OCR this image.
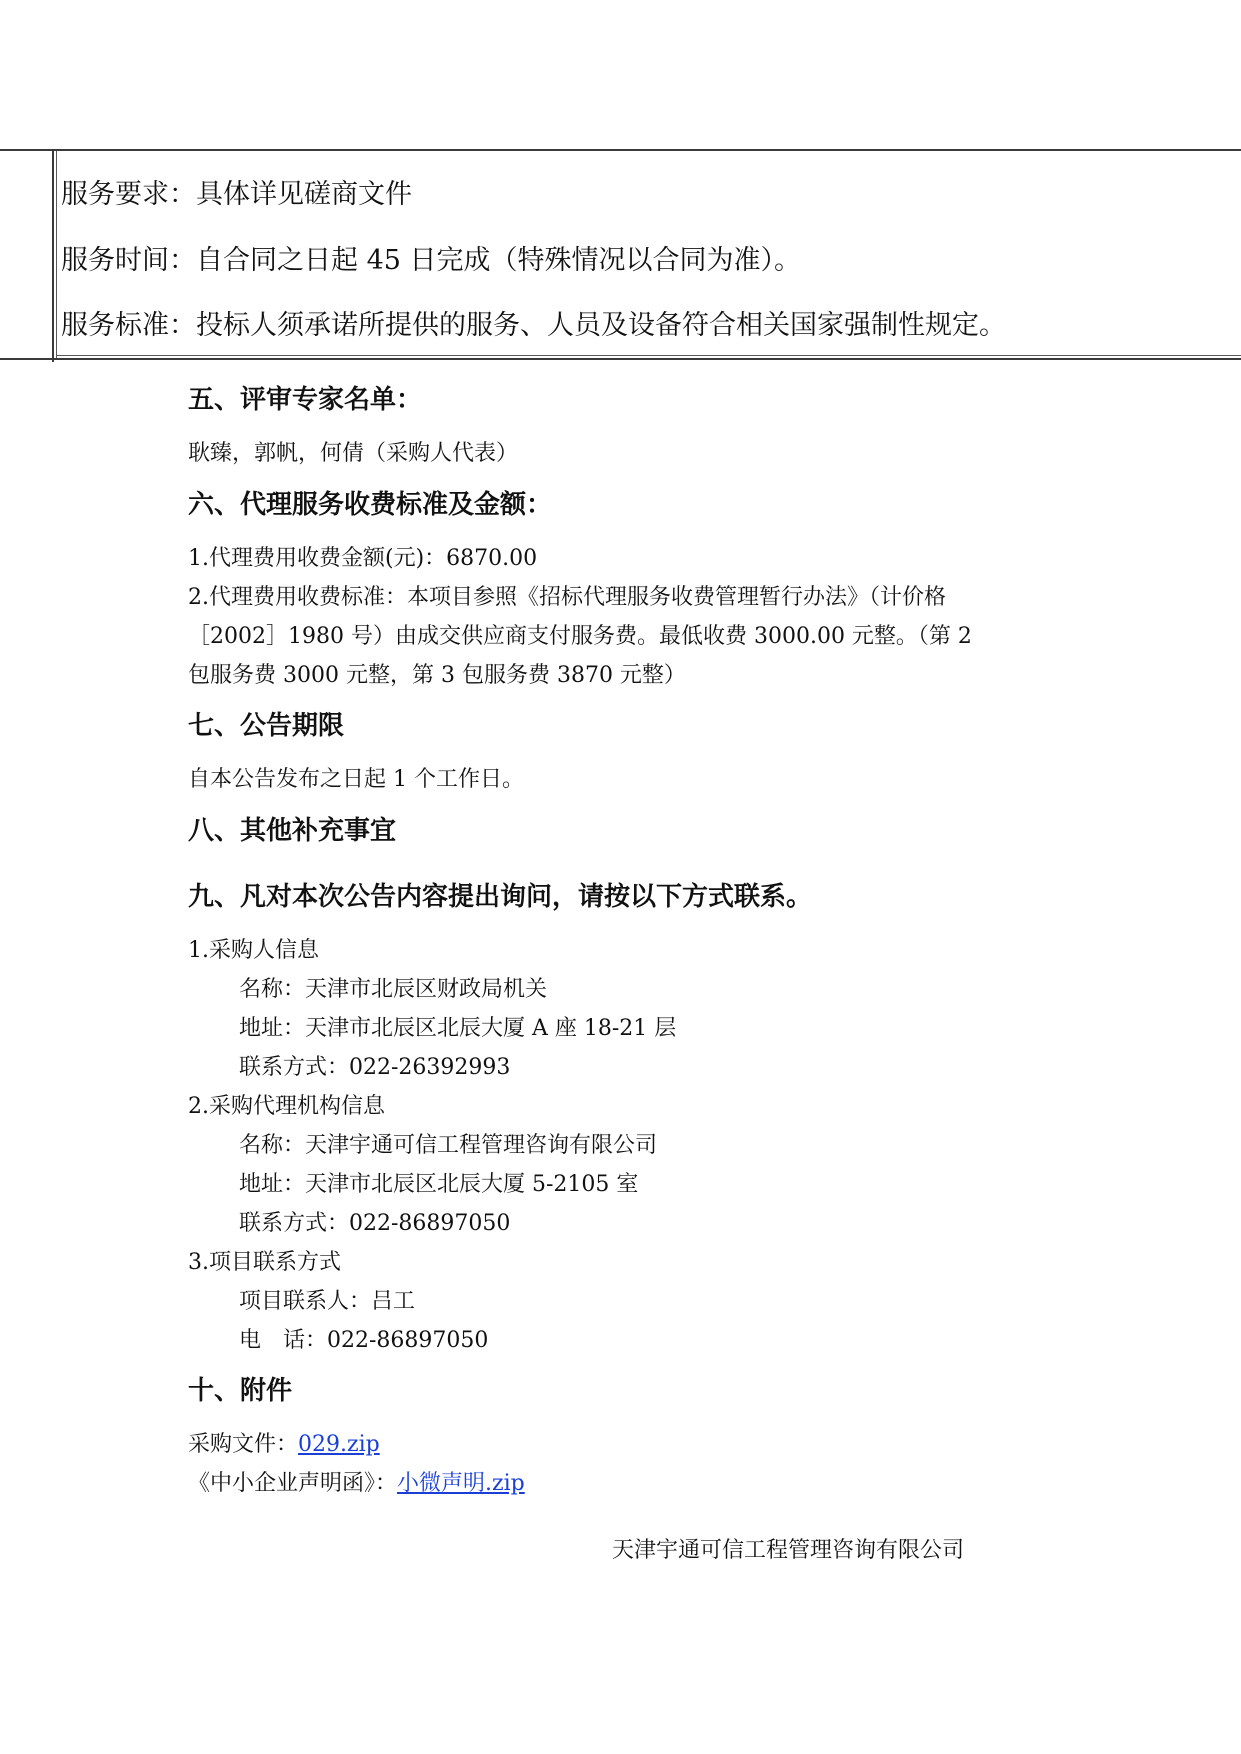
服务要求：具体详见磋商文件
服务时间：自合同之日起 45 日完成（特殊情况以合同为准）。
服务标准：投标人须承诺所提供的服务、人员及设备符合相关国家强制性规定。
五、评审专家名单：
耿臻，郭帆，何倩（采购人代表）
六、代理服务收费标准及金额：
1.代理费用收费金额(元)：6870.00
2.代理费用收费标准：本项目参照《招标代理服务收费管理暂行办法》（计价格
［2002］1980 号）由成交供应商支付服务费。最低收费 3000.00 元整。（第 2
包服务费 3000 元整，第 3 包服务费 3870 元整）
七、公告期限
自本公告发布之日起 1 个工作日。
八、其他补充事宜
九、凡对本次公告内容提出询问，请按以下方式联系。
1.采购人信息
名称：天津市北辰区财政局机关
地址：天津市北辰区北辰大厦 A 座 18-21 层
联系方式：022-26392993
2.采购代理机构信息
名称：天津宇通可信工程管理咨询有限公司
地址：天津市北辰区北辰大厦 5-2105 室
联系方式：022-86897050
3.项目联系方式
项目联系人：吕工
电　话：022-86897050
十、附件
采购文件：029.zip
《中小企业声明函》：小微声明.zip
天津宇通可信工程管理咨询有限公司
